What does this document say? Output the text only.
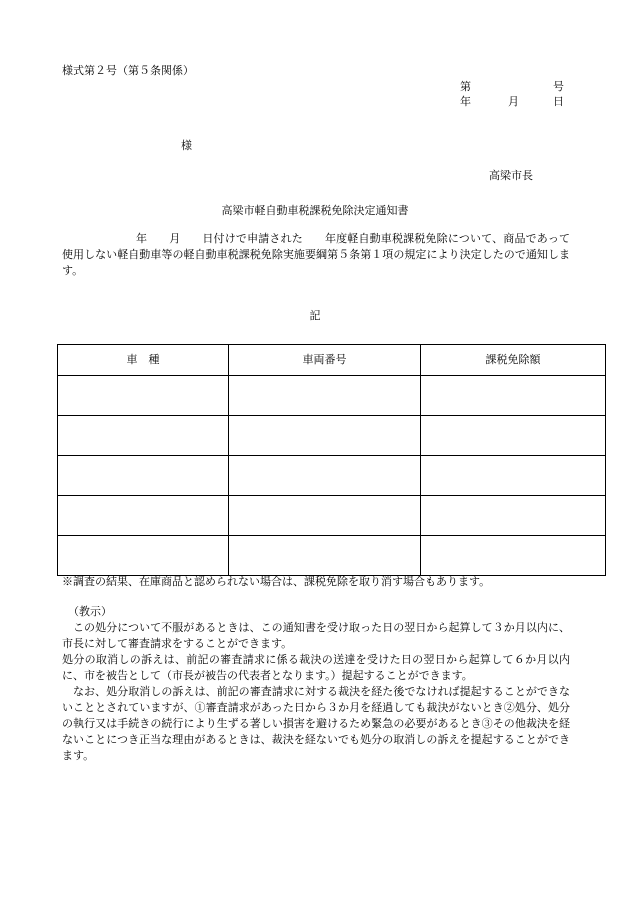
様式第２号（第５条関係）
第	号
年	月	日
様
高梁市長
高梁市軽自動車税課税免除決定通知書
年 月 日付けで申請された 年度軽自動車税課税免除について、商品であって使用しない軽自動車等の軽自動車税課税免除実施要綱第５条第１項の規定により決定したので通知します。
記
車　種	車両番号	課税免除額

※調査の結果、在庫商品と認められない場合は、課税免除を取り消す場合もあります。

（教示）

この処分について不服があるときは、この通知書を受け取った日の翌日から起算して３か月以内に、市長に対して審査請求をすることができます。

処分の取消しの訴えは、前記の審査請求に係る裁決の送達を受けた日の翌日から起算して６か月以内に、市を被告として（市長が被告の代表者となります。）提起することができます。

なお、処分取消しの訴えは、前記の審査請求に対する裁決を経た後でなければ提起することができないこととされていますが、①審査請求があった日から３か月を経過しても裁決がないとき②処分、処分の執行又は手続きの続行により生ずる著しい損害を避けるため緊急の必要があるとき③その他裁決を経ないことにつき正当な理由があるときは、裁決を経ないでも処分の取消しの訴えを提起することができます。
